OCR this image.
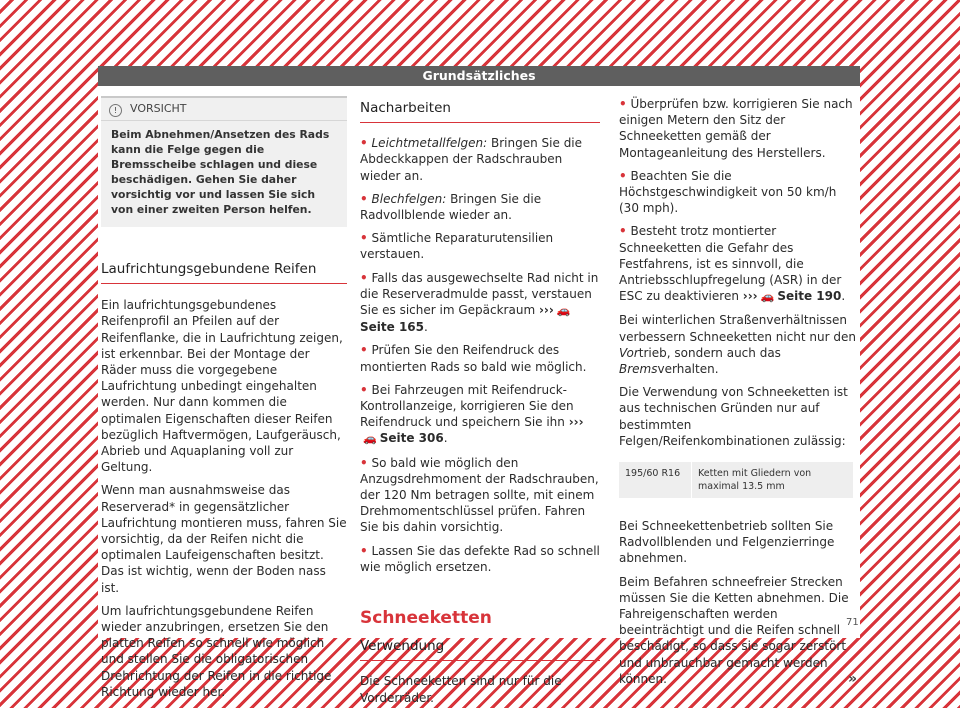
Grundsätzliches
! VORSICHT
Beim Abnehmen/Ansetzen des Rads kann die Felge gegen die Bremsscheibe schlagen und diese beschädigen. Gehen Sie daher vorsichtig vor und lassen Sie sich von einer zweiten Person helfen.
Laufrichtungsgebundene Reifen

Ein laufrichtungsgebundenes Reifenprofil an Pfeilen auf der Reifenflanke, die in Laufrichtung zeigen, ist erkennbar. Bei der Montage der Räder muss die vorgegebene Laufrichtung unbedingt eingehalten werden. Nur dann kommen die optimalen Eigenschaften dieser Reifen bezüglich Haftvermögen, Laufgeräusch, Abrieb und Aquaplaning voll zur Geltung.

Wenn man ausnahmsweise das Reserverad* in gegensätzlicher Laufrichtung montieren muss, fahren Sie vorsichtig, da der Reifen nicht die optimalen Laufeigenschaften besitzt. Das ist wichtig, wenn der Boden nass ist.

Um laufrichtungsgebundene Reifen wieder anzubringen, ersetzen Sie den platten Reifen so schnell wie möglich und stellen Sie die obligatorischen Drehrichtung der Reifen in die richtige Richtung wieder her.

Nacharbeiten

• Leichtmetallfelgen: Bringen Sie die Abdeckkappen der Radschrauben wieder an.

• Blechfelgen: Bringen Sie die Radvollblende wieder an.

• Sämtliche Reparaturutensilien verstauen.

• Falls das ausgewechselte Rad nicht in die Reserveradmulde passt, verstauen Sie es sicher im Gepäckraum ››› 🚗Seite 165.

• Prüfen Sie den Reifendruck des montierten Rads so bald wie möglich.

• Bei Fahrzeugen mit Reifendruck-Kontrollanzeige, korrigieren Sie den Reifendruck und speichern Sie ihn ›››🚗 Seite 306.

• So bald wie möglich den Anzugsdrehmoment der Radschrauben, der 120 Nm betragen sollte, mit einem Drehmomentschlüssel prüfen. Fahren Sie bis dahin vorsichtig.

• Lassen Sie das defekte Rad so schnell wie möglich ersetzen.

Schneeketten
Verwendung

Die Schneeketten sind nur für die Vorderräder.

• Überprüfen bzw. korrigieren Sie nach einigen Metern den Sitz der Schneeketten gemäß der Montageanleitung des Herstellers.

• Beachten Sie die Höchstgeschwindigkeit von 50 km/h (30 mph).

• Besteht trotz montierter Schneeketten die Gefahr des Festfahrens, ist es sinnvoll, die Antriebsschlupfregelung (ASR) in der ESC zu deaktivieren ››› 🚗 Seite 190.

Bei winterlichen Straßenverhältnissen verbessern Schneeketten nicht nur den Vortrieb, sondern auch das Bremsverhalten.

Die Verwendung von Schneeketten ist aus technischen Gründen nur auf bestimmten Felgen/Reifenkombinationen zulässig:

195/60 R16	Ketten mit Gliedern von maximal 13.5 mm

Bei Schneekettenbetrieb sollten Sie Radvollblenden und Felgenzierringe abnehmen.

Beim Befahren schneefreier Strecken müssen Sie die Ketten abnehmen. Die Fahreigenschaften werden beeinträchtigt und die Reifen schnell beschädigt, so dass sie sogar zerstört und unbrauchbar gemacht werden können.	»

71
